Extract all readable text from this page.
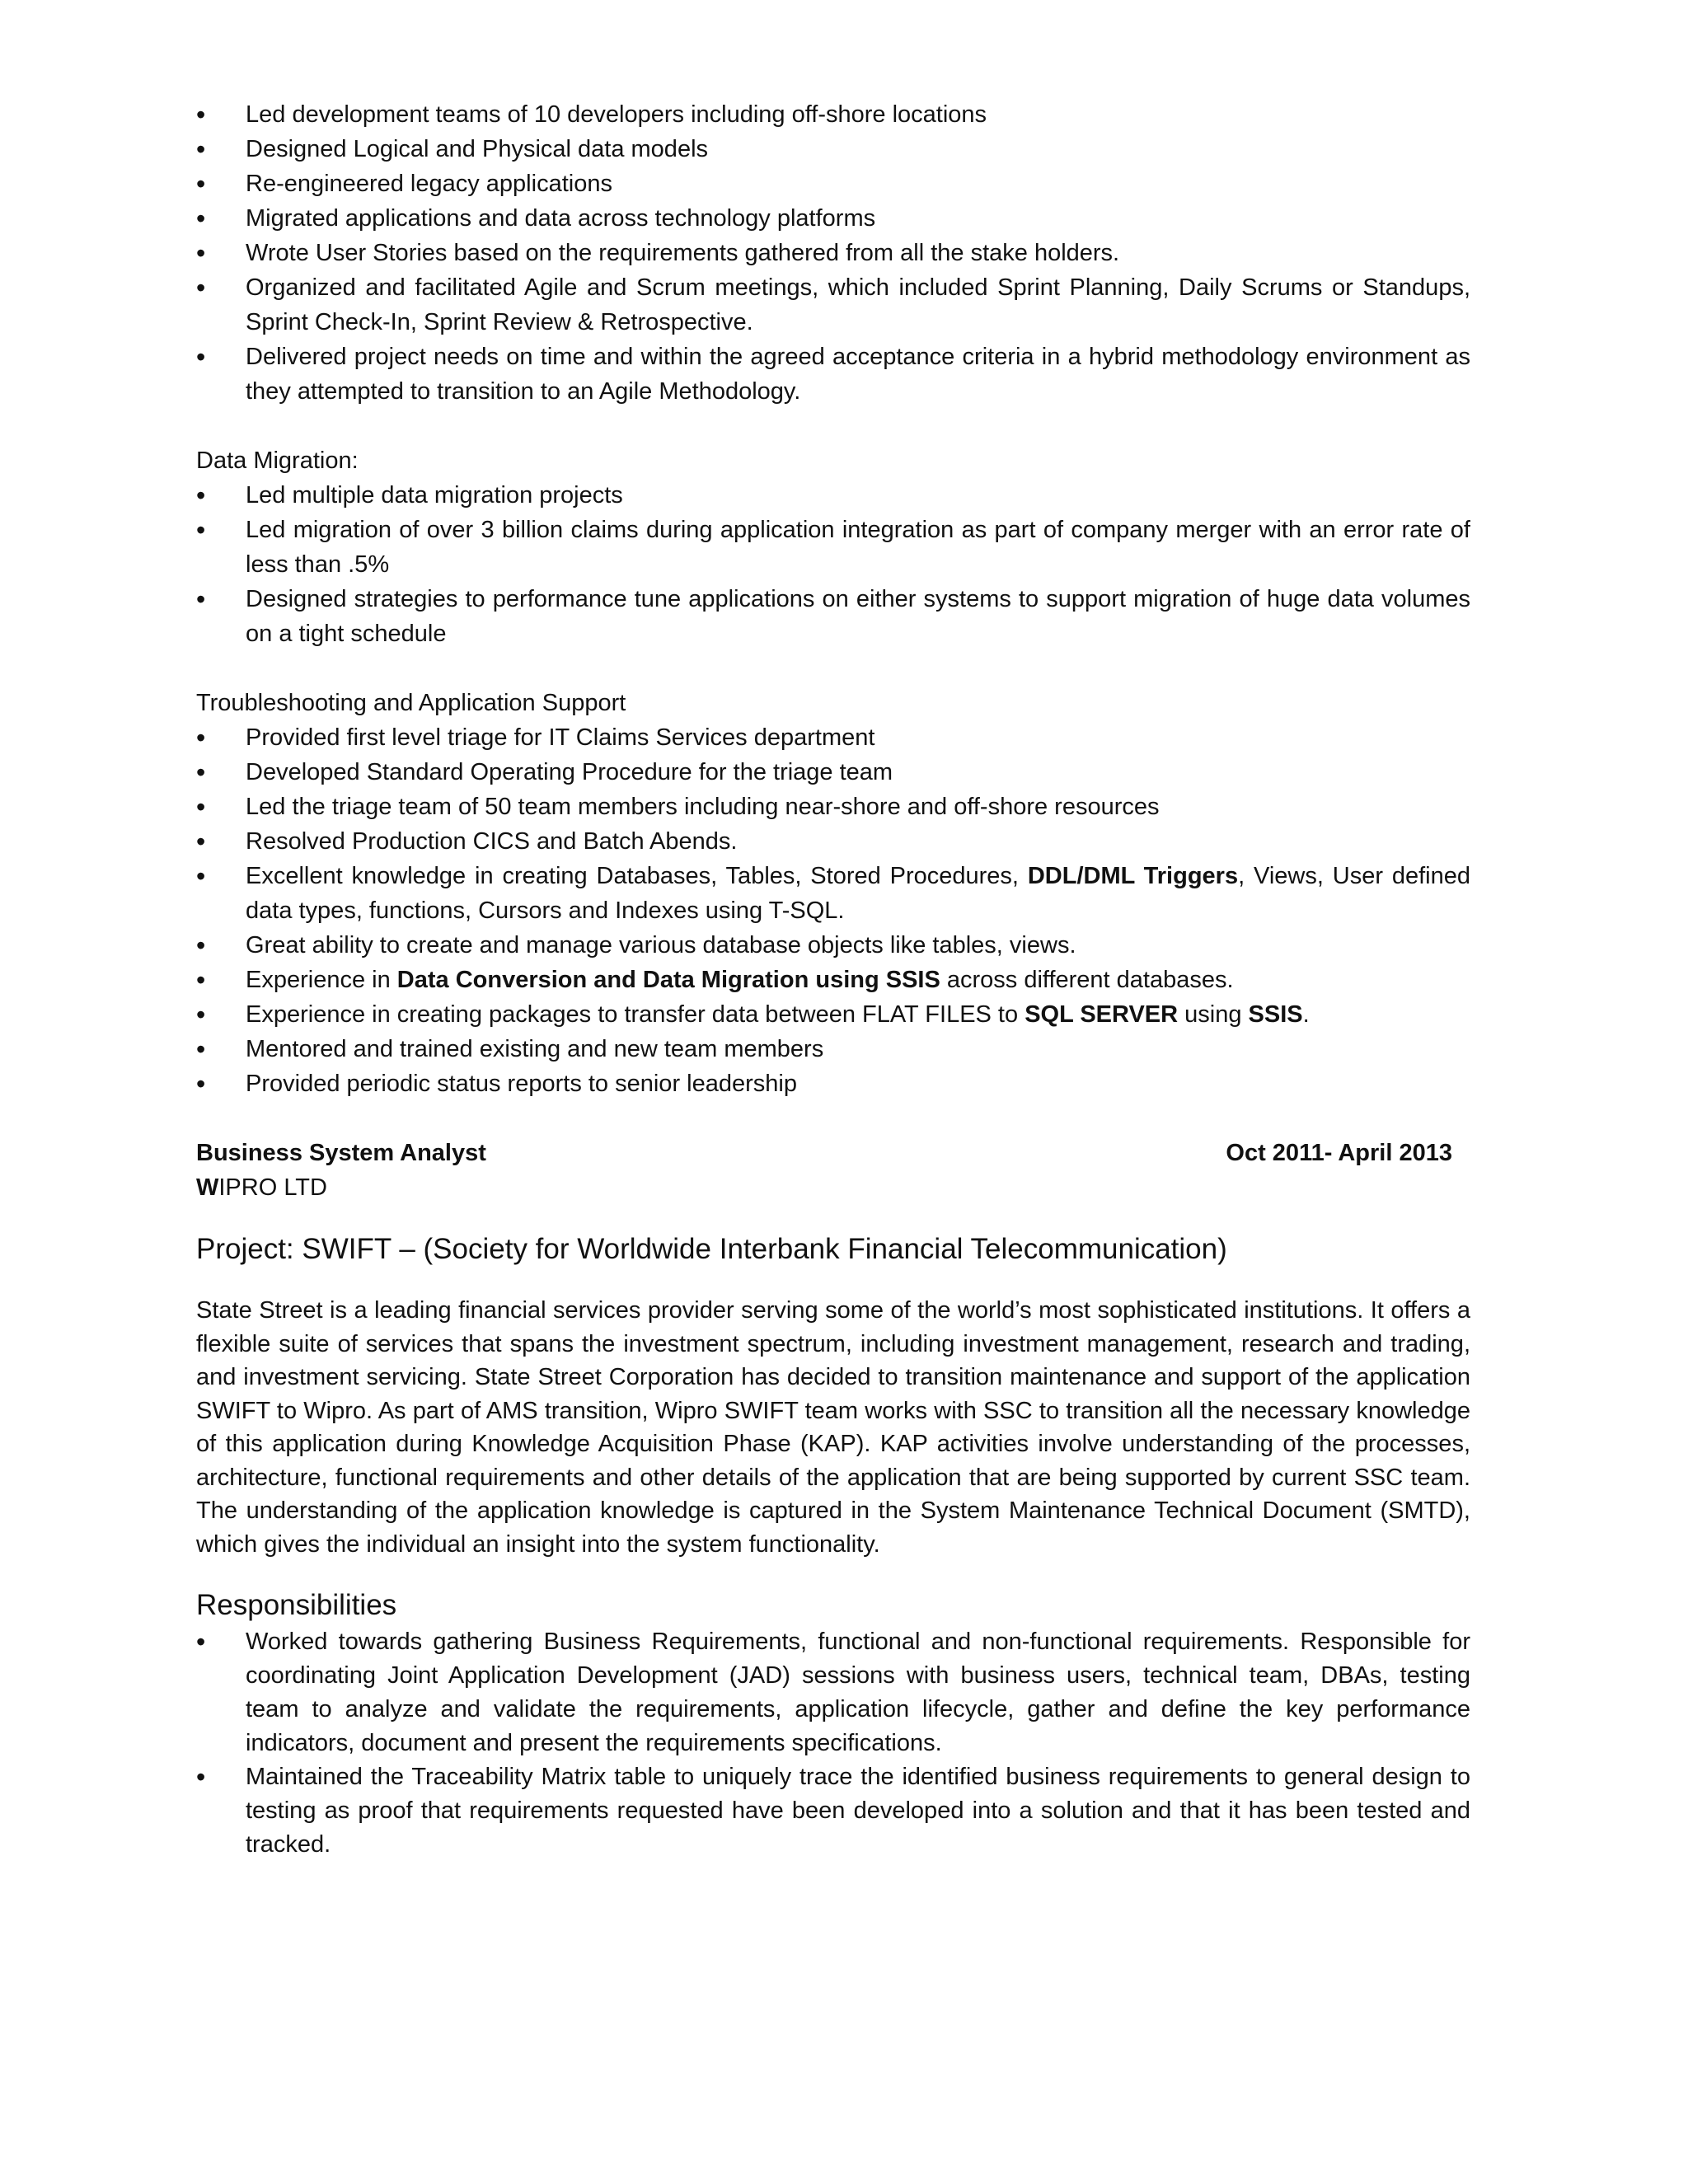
• Led development teams of 10 developers including off-shore locations
• Designed Logical and Physical data models
• Re-engineered legacy applications
• Migrated applications and data across technology platforms
• Wrote User Stories based on the requirements gathered from all the stake holders.
• Organized and facilitated Agile and Scrum meetings, which included Sprint Planning, Daily Scrums or Standups, Sprint Check-In, Sprint Review & Retrospective.
• Delivered project needs on time and within the agreed acceptance criteria in a hybrid methodology environment as they attempted to transition to an Agile Methodology.
Data Migration:
• Led multiple data migration projects
• Led migration of over 3 billion claims during application integration as part of company merger with an error rate of less than .5%
• Designed strategies to performance tune applications on either systems to support migration of huge data volumes on a tight schedule
Troubleshooting and Application Support
• Provided first level triage for IT Claims Services department
• Developed Standard Operating Procedure for the triage team
• Led the triage team of 50 team members including near-shore and off-shore resources
• Resolved Production CICS and Batch Abends.
• Excellent knowledge in creating Databases, Tables, Stored Procedures, DDL/DML Triggers, Views, User defined data types, functions, Cursors and Indexes using T-SQL.
• Great ability to create and manage various database objects like tables, views.
• Experience in Data Conversion and Data Migration using SSIS across different databases.
• Experience in creating packages to transfer data between FLAT FILES to SQL SERVER using SSIS.
• Mentored and trained existing and new team members
• Provided periodic status reports to senior leadership
Business System Analyst	Oct 2011- April 2013
WIPRO LTD
Project: SWIFT – (Society for Worldwide Interbank Financial Telecommunication)
State Street is a leading financial services provider serving some of the world’s most sophisticated institutions. It offers a flexible suite of services that spans the investment spectrum, including investment management, research and trading, and investment servicing. State Street Corporation has decided to transition maintenance and support of the application SWIFT to Wipro. As part of AMS transition, Wipro SWIFT team works with SSC to transition all the necessary knowledge of this application during Knowledge Acquisition Phase (KAP). KAP activities involve understanding of the processes, architecture, functional requirements and other details of the application that are being supported by current SSC team. The understanding of the application knowledge is captured in the System Maintenance Technical Document (SMTD), which gives the individual an insight into the system functionality.
Responsibilities
• Worked towards gathering Business Requirements, functional and non-functional requirements. Responsible for coordinating Joint Application Development (JAD) sessions with business users, technical team, DBAs, testing team to analyze and validate the requirements, application lifecycle, gather and define the key performance indicators, document and present the requirements specifications.
• Maintained the Traceability Matrix table to uniquely trace the identified business requirements to general design to testing as proof that requirements requested have been developed into a solution and that it has been tested and tracked.
